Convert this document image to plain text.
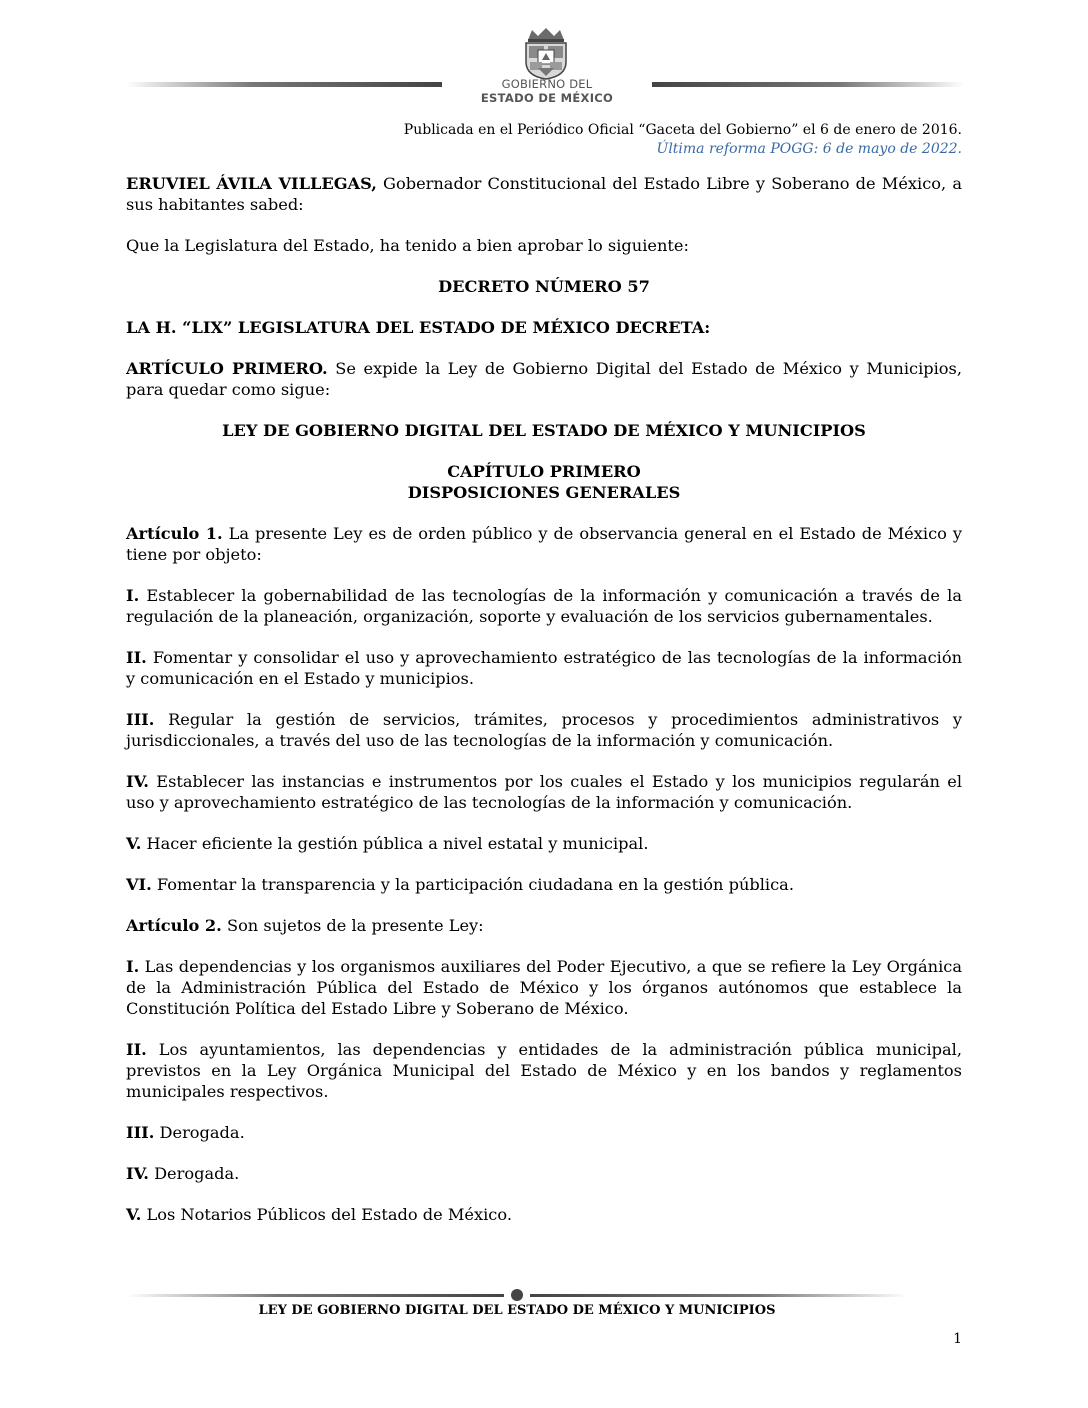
GOBIERNO DEL
ESTADO DE MÉXICO
Publicada en el Periódico Oficial “Gaceta del Gobierno” el 6 de enero de 2016.
Última reforma POGG: 6 de mayo de 2022.

ERUVIEL ÁVILA VILLEGAS, Gobernador Constitucional del Estado Libre y Soberano de México, a sus habitantes sabed:

Que la Legislatura del Estado, ha tenido a bien aprobar lo siguiente:

DECRETO NÚMERO 57

LA H. “LIX” LEGISLATURA DEL ESTADO DE MÉXICO DECRETA:

ARTÍCULO PRIMERO. Se expide la Ley de Gobierno Digital del Estado de México y Municipios, para quedar como sigue:

LEY DE GOBIERNO DIGITAL DEL ESTADO DE MÉXICO Y MUNICIPIOS

CAPÍTULO PRIMERO

DISPOSICIONES GENERALES

Artículo 1. La presente Ley es de orden público y de observancia general en el Estado de México y tiene por objeto:

I. Establecer la gobernabilidad de las tecnologías de la información y comunicación a través de la regulación de la planeación, organización, soporte y evaluación de los servicios gubernamentales.

II. Fomentar y consolidar el uso y aprovechamiento estratégico de las tecnologías de la información y comunicación en el Estado y municipios.

III. Regular la gestión de servicios, trámites, procesos y procedimientos administrativos y jurisdiccionales, a través del uso de las tecnologías de la información y comunicación.

IV. Establecer las instancias e instrumentos por los cuales el Estado y los municipios regularán el uso y aprovechamiento estratégico de las tecnologías de la información y comunicación.

V. Hacer eficiente la gestión pública a nivel estatal y municipal.

VI. Fomentar la transparencia y la participación ciudadana en la gestión pública.

Artículo 2. Son sujetos de la presente Ley:

I. Las dependencias y los organismos auxiliares del Poder Ejecutivo, a que se refiere la Ley Orgánica de la Administración Pública del Estado de México y los órganos autónomos que establece la Constitución Política del Estado Libre y Soberano de México.

II. Los ayuntamientos, las dependencias y entidades de la administración pública municipal, previstos en la Ley Orgánica Municipal del Estado de México y en los bandos y reglamentos municipales respectivos.

III. Derogada.

IV. Derogada.

V. Los Notarios Públicos del Estado de México.

LEY DE GOBIERNO DIGITAL DEL ESTADO DE MÉXICO Y MUNICIPIOS
1
